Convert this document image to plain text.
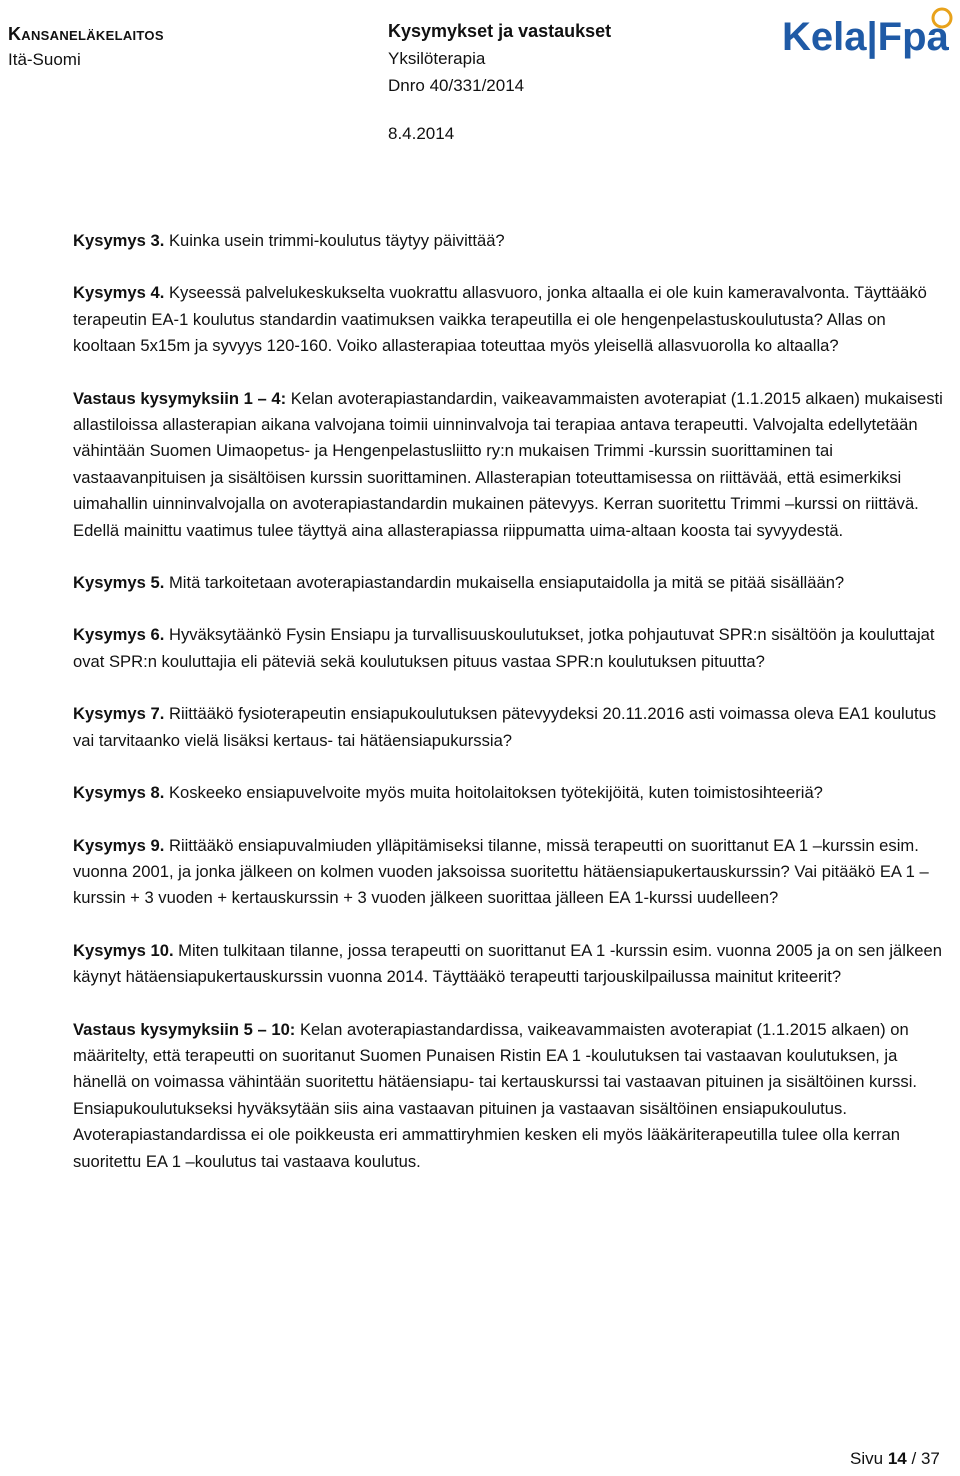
Kansaneläkelaitos
Itä-Suomi
Kysymykset ja vastaukset
Yksilöterapia
Dnro 40/331/2014
8.4.2014
Kela|Fpa

Kysymys 3. Kuinka usein trimmi-koulutus täytyy päivittää?

Kysymys 4. Kyseessä palvelukeskukselta vuokrattu allasvuoro, jonka altaalla ei ole kuin kameravalvonta. Täyttääkö terapeutin EA-1 koulutus standardin vaatimuksen vaikka terapeutilla ei ole hengenpelastuskoulutusta? Allas on kooltaan 5x15m ja syvyys 120-160. Voiko allasterapiaa toteuttaa myös yleisellä allasvuorolla ko altaalla?

Vastaus kysymyksiin 1 – 4: Kelan avoterapiastandardin, vaikeavammaisten avoterapiat (1.1.2015 alkaen) mukaisesti allastiloissa allasterapian aikana valvojana toimii uinninvalvoja tai terapiaa antava terapeutti. Valvojalta edellytetään vähintään Suomen Uimaopetus- ja Hengenpelastusliitto ry:n mukaisen Trimmi -kurssin suorittaminen tai vastaavanpituisen ja sisältöisen kurssin suorittaminen. Allasterapian toteuttamisessa on riittävää, että esimerkiksi uimahallin uinninvalvojalla on avoterapiastandardin mukainen pätevyys. Kerran suoritettu Trimmi –kurssi on riittävä. Edellä mainittu vaatimus tulee täyttyä aina allasterapiassa riippumatta uima-altaan koosta tai syvyydestä.

Kysymys 5. Mitä tarkoitetaan avoterapiastandardin mukaisella ensiaputaidolla ja mitä se pitää sisällään?

Kysymys 6. Hyväksytäänkö Fysin Ensiapu ja turvallisuuskoulutukset, jotka pohjautuvat SPR:n sisältöön ja kouluttajat ovat SPR:n kouluttajia eli päteviä sekä koulutuksen pituus vastaa SPR:n koulutuksen pituutta?

Kysymys 7. Riittääkö fysioterapeutin ensiapukoulutuksen pätevyydeksi 20.11.2016 asti voimassa oleva EA1 koulutus vai tarvitaanko vielä lisäksi kertaus- tai hätäensiapukurssia?

Kysymys 8. Koskeeko ensiapuvelvoite myös muita hoitolaitoksen työtekijöitä, kuten toimistosihteeriä?

Kysymys 9. Riittääkö ensiapuvalmiuden ylläpitämiseksi tilanne, missä terapeutti on suorittanut EA 1 –kurssin esim. vuonna 2001, ja jonka jälkeen on kolmen vuoden jaksoissa suoritettu hätäensiapukertauskurssin? Vai pitääkö EA 1 –kurssin + 3 vuoden + kertauskurssin + 3 vuoden jälkeen suorittaa jälleen EA 1-kurssi uudelleen?

Kysymys 10. Miten tulkitaan tilanne, jossa terapeutti on suorittanut EA 1 -kurssin esim. vuonna 2005 ja on sen jälkeen käynyt hätäensiapukertauskurssin vuonna 2014. Täyttääkö terapeutti tarjouskilpailussa mainitut kriteerit?

Vastaus kysymyksiin 5 – 10: Kelan avoterapiastandardissa, vaikeavammaisten avoterapiat (1.1.2015 alkaen) on määritelty, että terapeutti on suoritanut Suomen Punaisen Ristin EA 1 -koulutuksen tai vastaavan koulutuksen, ja hänellä on voimassa vähintään suoritettu hätäensiapu- tai kertauskurssi tai vastaavan pituinen ja sisältöinen kurssi. Ensiapukoulutukseksi hyväksytään siis aina vastaavan pituinen ja vastaavan sisältöinen ensiapukoulutus. Avoterapiastandardissa ei ole poikkeusta eri ammattiryhmien kesken eli myös lääkäriterapeutilla tulee olla kerran suoritettu EA 1 –koulutus tai vastaava koulutus.

Sivu 14 / 37
